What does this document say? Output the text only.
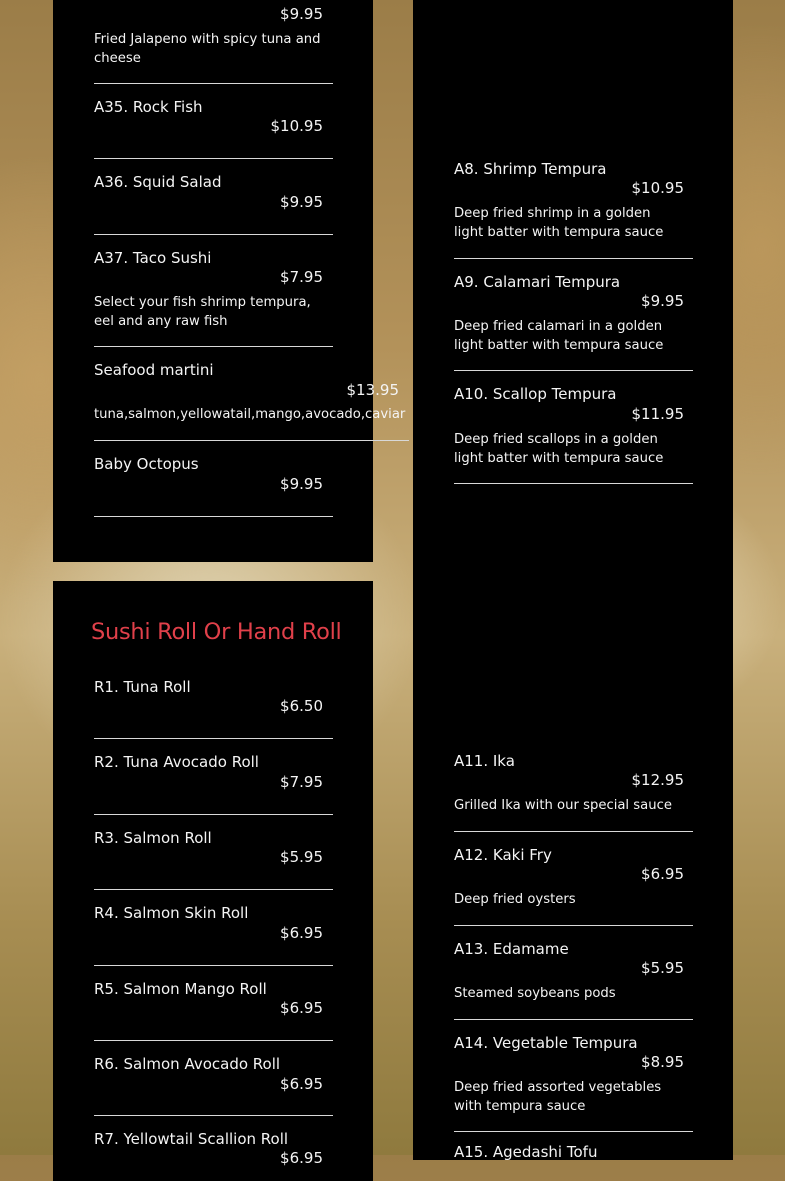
$9.95
Fried Jalapeno with spicy tuna and cheese
A35. Rock Fish
$10.95
A36. Squid Salad
$9.95
A37. Taco Sushi
$7.95
Select your fish shrimp tempura, eel and any raw fish
Seafood martini
$13.95
tuna,salmon,yellowatail,mango,avocado,caviar
Baby Octopus
$9.95
Sushi Roll Or Hand Roll
R1. Tuna Roll
$6.50
R2. Tuna Avocado Roll
$7.95
R3. Salmon Roll
$5.95
R4. Salmon Skin Roll
$6.95
R5. Salmon Mango Roll
$6.95
R6. Salmon Avocado Roll
$6.95
R7. Yellowtail Scallion Roll
$6.95
A8. Shrimp Tempura
$10.95
Deep fried shrimp in a golden light batter with tempura sauce
A9. Calamari Tempura
$9.95
Deep fried calamari in a golden light batter with tempura sauce
A10. Scallop Tempura
$11.95
Deep fried scallops in a golden light batter with tempura sauce
A11. Ika
$12.95
Grilled Ika with our special sauce
A12. Kaki Fry
$6.95
Deep fried oysters
A13. Edamame
$5.95
Steamed soybeans pods
A14. Vegetable Tempura
$8.95
Deep fried assorted vegetables with tempura sauce
A15. Agedashi Tofu
